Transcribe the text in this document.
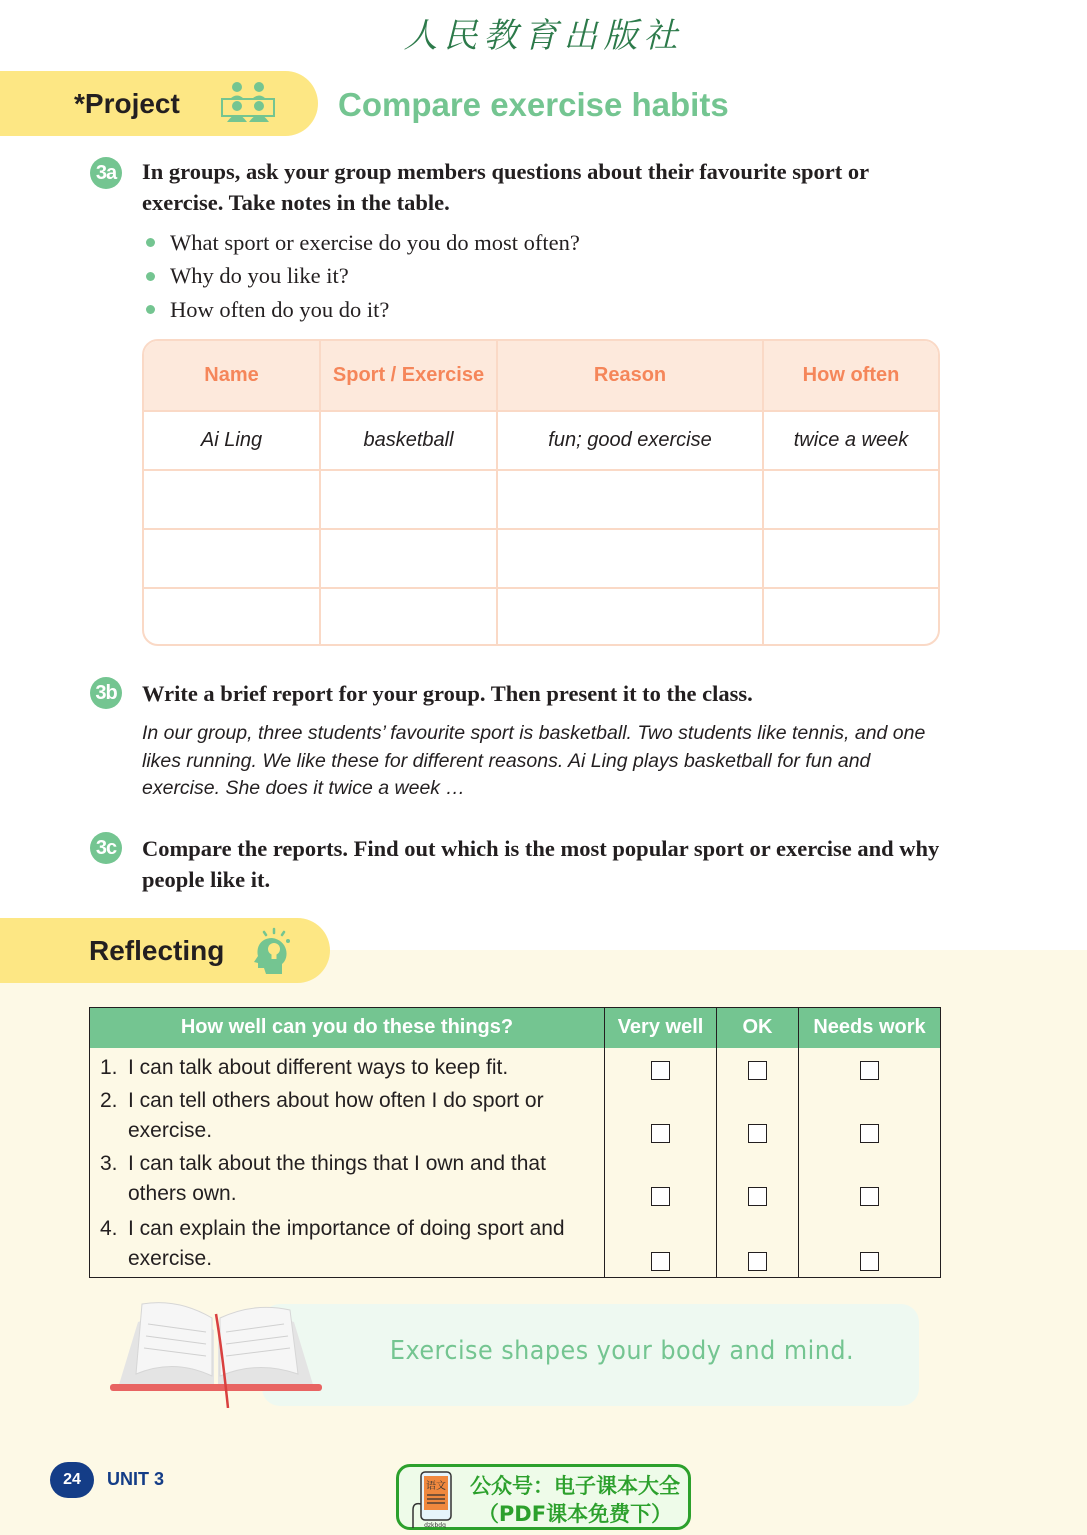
人民教育出版社
*Project	Compare exercise habits
3a In groups, ask your group members questions about their favourite sport or exercise. Take notes in the table.
What sport or exercise do you do most often?
Why do you like it?
How often do you do it?
Name	Sport / Exercise	Reason	How often
Ai Ling	basketball	fun; good exercise	twice a week

3b Write a brief report for your group. Then present it to the class.
In our group, three students’ favourite sport is basketball. Two students like tennis, and one likes running. We like these for different reasons. Ai Ling plays basketball for fun and exercise. She does it twice a week …
3c Compare the reports. Find out which is the most popular sport or exercise and why people like it.
Reflecting
How well can you do these things?	Very well	OK	Needs work

1. I can talk about different ways to keep fit.			

2. I can tell others about how often I do sport or exercise.			

3. I can talk about the things that I own and that others own.			

4. I can explain the importance of doing sport and exercise.			

Exercise shapes your body and mind.
24	UNIT 3	语文
dzkbdq
公众号：电子课本大全
（PDF课本免费下）
